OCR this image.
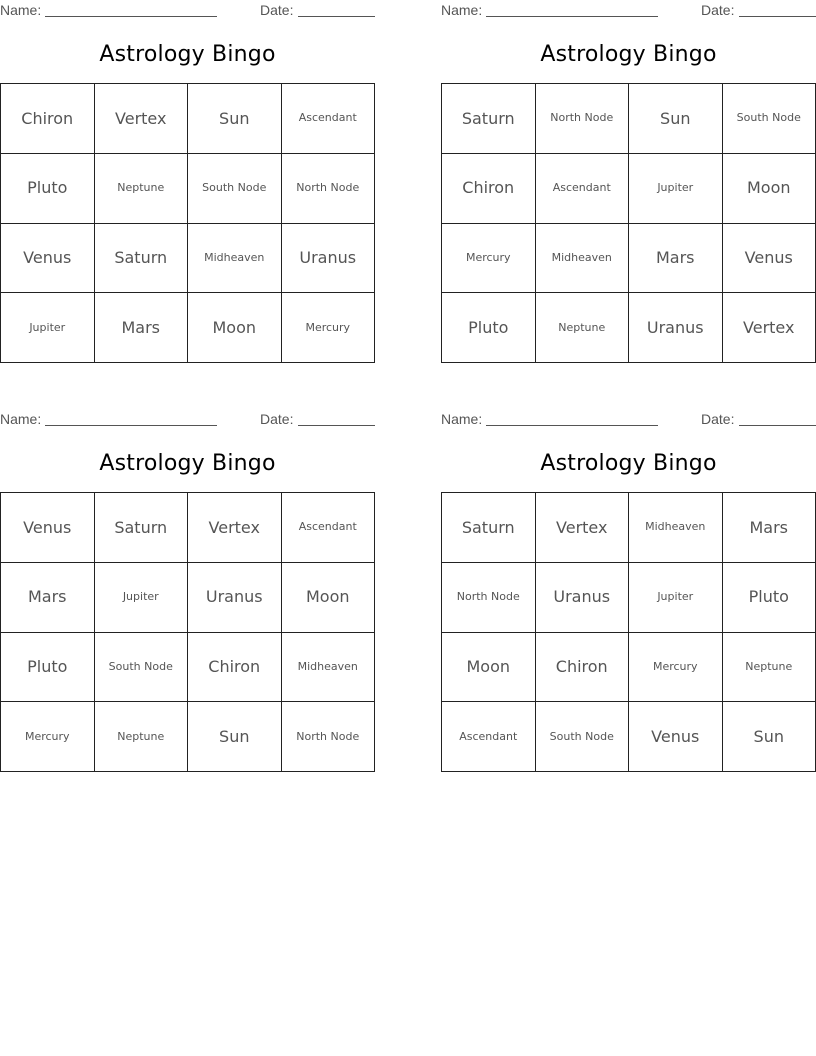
Name:	Date:
Astrology Bingo
Chiron	Vertex	Sun	Ascendant
Pluto	Neptune	South Node	North Node
Venus	Saturn	Midheaven	Uranus
Jupiter	Mars	Moon	Mercury
Name:	Date:
Astrology Bingo
Saturn	North Node	Sun	South Node
Chiron	Ascendant	Jupiter	Moon
Mercury	Midheaven	Mars	Venus
Pluto	Neptune	Uranus	Vertex
Name:	Date:
Astrology Bingo
Venus	Saturn	Vertex	Ascendant
Mars	Jupiter	Uranus	Moon
Pluto	South Node	Chiron	Midheaven
Mercury	Neptune	Sun	North Node
Name:	Date:
Astrology Bingo
Saturn	Vertex	Midheaven	Mars
North Node	Uranus	Jupiter	Pluto
Moon	Chiron	Mercury	Neptune
Ascendant	South Node	Venus	Sun
